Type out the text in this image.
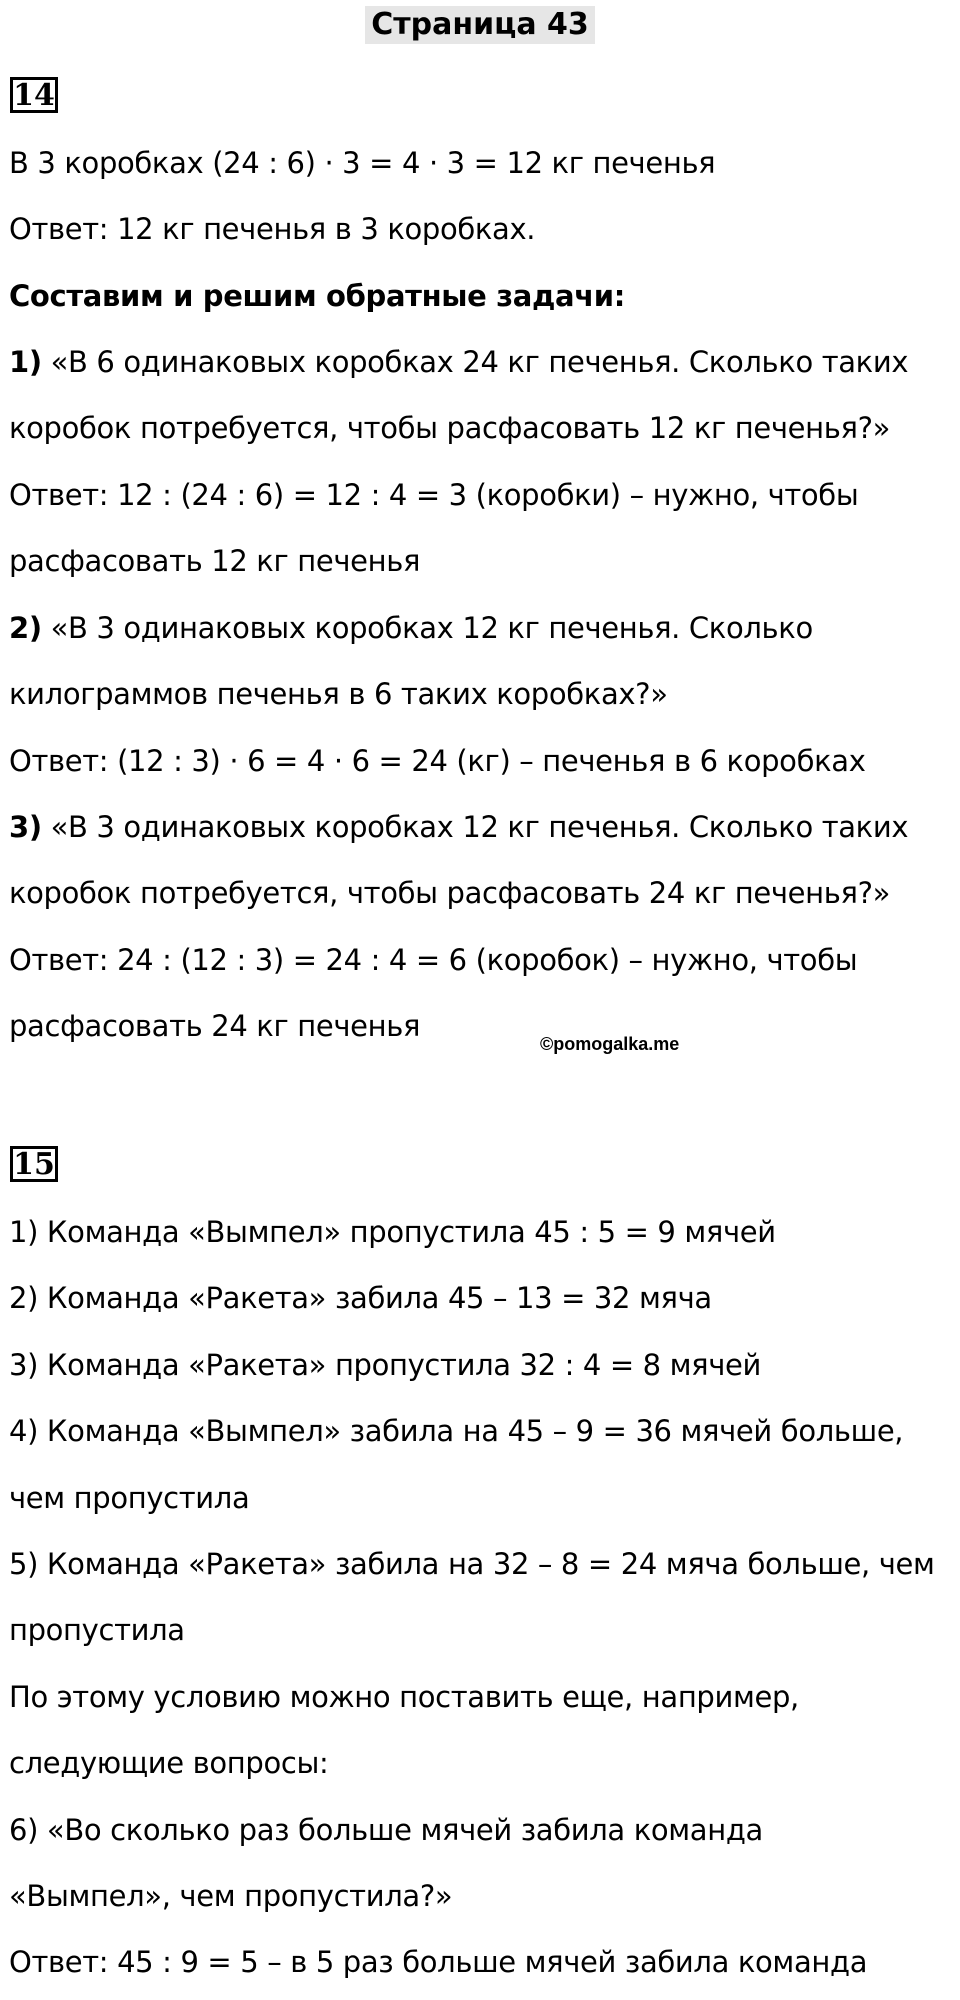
Страница 43
14
В 3 коробках (24 : 6) · 3 = 4 · 3 = 12 кг печенья
Ответ: 12 кг печенья в 3 коробках.
Составим и решим обратные задачи:
1) «В 6 одинаковых коробках 24 кг печенья. Сколько таких
коробок потребуется, чтобы расфасовать 12 кг печенья?»
Ответ: 12 : (24 : 6) = 12 : 4 = 3 (коробки) – нужно, чтобы
расфасовать 12 кг печенья
2) «В 3 одинаковых коробках 12 кг печенья. Сколько
килограммов печенья в 6 таких коробках?»
Ответ: (12 : 3) · 6 = 4 · 6 = 24 (кг) – печенья в 6 коробках
3) «В 3 одинаковых коробках 12 кг печенья. Сколько таких
коробок потребуется, чтобы расфасовать 24 кг печенья?»
Ответ: 24 : (12 : 3) = 24 : 4 = 6 (коробок) – нужно, чтобы
расфасовать 24 кг печенья
©pomogalka.me
15
1) Команда «Вымпел» пропустила 45 : 5 = 9 мячей
2) Команда «Ракета» забила 45 – 13 = 32 мяча
3) Команда «Ракета» пропустила 32 : 4 = 8 мячей
4) Команда «Вымпел» забила на 45 – 9 = 36 мячей больше,
чем пропустила
5) Команда «Ракета» забила на 32 – 8 = 24 мяча больше, чем
пропустила
По этому условию можно поставить еще, например,
следующие вопросы:
6) «Во сколько раз больше мячей забила команда
«Вымпел», чем пропустила?»
Ответ: 45 : 9 = 5 – в 5 раз больше мячей забила команда
